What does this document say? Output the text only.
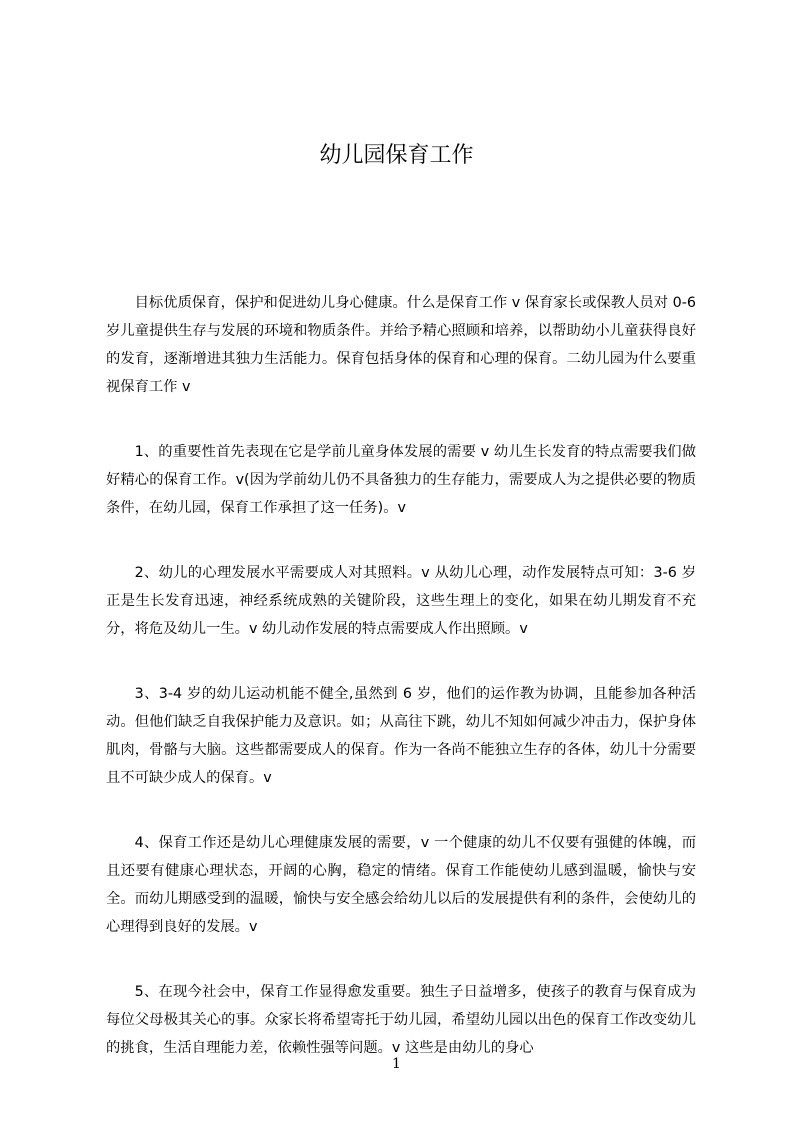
幼儿园保育工作

目标优质保育，保护和促进幼儿身心健康。什么是保育工作 v 保育家长或保教人员对 0-6 岁儿童提供生存与发展的环境和物质条件。并给予精心照顾和培养，以帮助幼小儿童获得良好的发育，逐渐增进其独力生活能力。保育包括身体的保育和心理的保育。二幼儿园为什么要重视保育工作 v

1、的重要性首先表现在它是学前儿童身体发展的需要 v 幼儿生长发育的特点需要我们做好精心的保育工作。v(因为学前幼儿仍不具备独力的生存能力，需要成人为之提供必要的物质条件，在幼儿园，保育工作承担了这一任务)。v

2、幼儿的心理发展水平需要成人对其照料。v 从幼儿心理，动作发展特点可知：3-6 岁正是生长发育迅速，神经系统成熟的关键阶段，这些生理上的变化，如果在幼儿期发育不充分，将危及幼儿一生。v 幼儿动作发展的特点需要成人作出照顾。v

3、3-4 岁的幼儿运动机能不健全,虽然到 6 岁，他们的运作教为协调，且能参加各种活动。但他们缺乏自我保护能力及意识。如；从高往下跳，幼儿不知如何减少冲击力，保护身体肌肉，骨骼与大脑。这些都需要成人的保育。作为一各尚不能独立生存的各体，幼儿十分需要且不可缺少成人的保育。v

4、保育工作还是幼儿心理健康发展的需要，v 一个健康的幼儿不仅要有强健的体魄，而且还要有健康心理状态，开阔的心胸，稳定的情绪。保育工作能使幼儿感到温暖，愉快与安全。而幼儿期感受到的温暖，愉快与安全感会给幼儿以后的发展提供有利的条件，会使幼儿的心理得到良好的发展。v

5、在现今社会中，保育工作显得愈发重要。独生子日益增多，使孩子的教育与保育成为每位父母极其关心的事。众家长将希望寄托于幼儿园，希望幼儿园以出色的保育工作改变幼儿的挑食，生活自理能力差，依赖性强等问题。v 这些是由幼儿的身心

1
